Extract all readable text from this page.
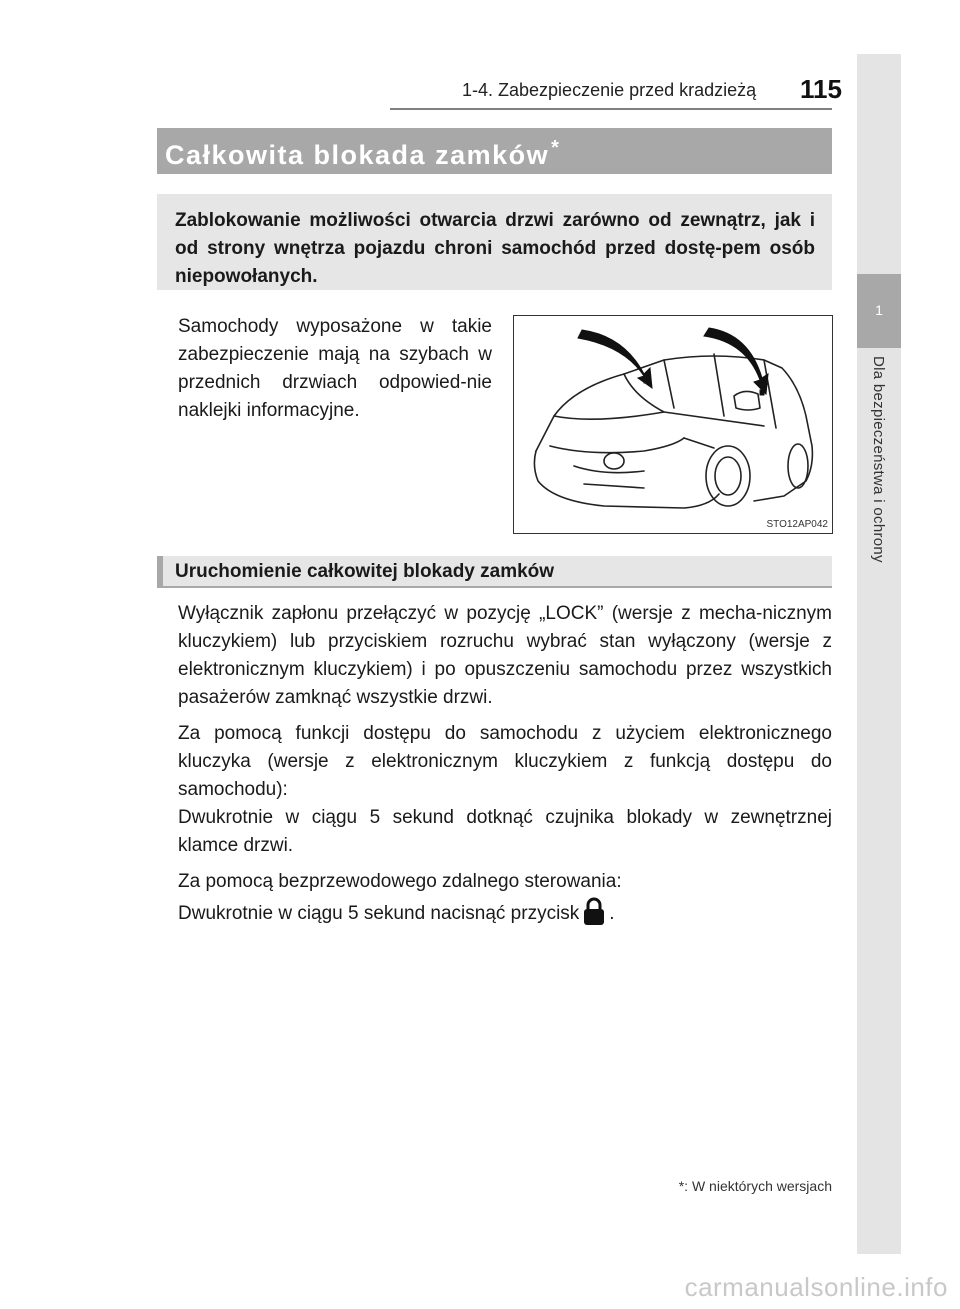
1-4. Zabezpieczenie przed kradzieżą 115
1
Dla bezpieczeństwa i ochrony
Całkowita blokada zamków *

Zablokowanie możliwości otwarcia drzwi zarówno od zewnątrz, jak i od strony wnętrza pojazdu chroni samochód przed dostę-pem osób niepowołanych.

Samochody wyposażone w takie zabezpieczenie mają na szybach w przednich drzwiach odpowied-nie naklejki informacyjne.

STO12AP042
Uruchomienie całkowitej blokady zamków

Wyłącznik zapłonu przełączyć w pozycję „LOCK” (wersje z mecha-nicznym kluczykiem) lub przyciskiem rozruchu wybrać stan wyłączony (wersje z elektronicznym kluczykiem) i po opuszczeniu samochodu przez wszystkich pasażerów zamknąć wszystkie drzwi.

Za pomocą funkcji dostępu do samochodu z użyciem elektronicznego kluczyka (wersje z elektronicznym kluczykiem z funkcją dostępu do samochodu):
Dwukrotnie w ciągu 5 sekund dotknąć czujnika blokady w zewnętrznej klamce drzwi.

Za pomocą bezprzewodowego zdalnego sterowania:
Dwukrotnie w ciągu 5 sekund nacisnąć przycisk .

*: W niektórych wersjach
carmanualsonline.info
